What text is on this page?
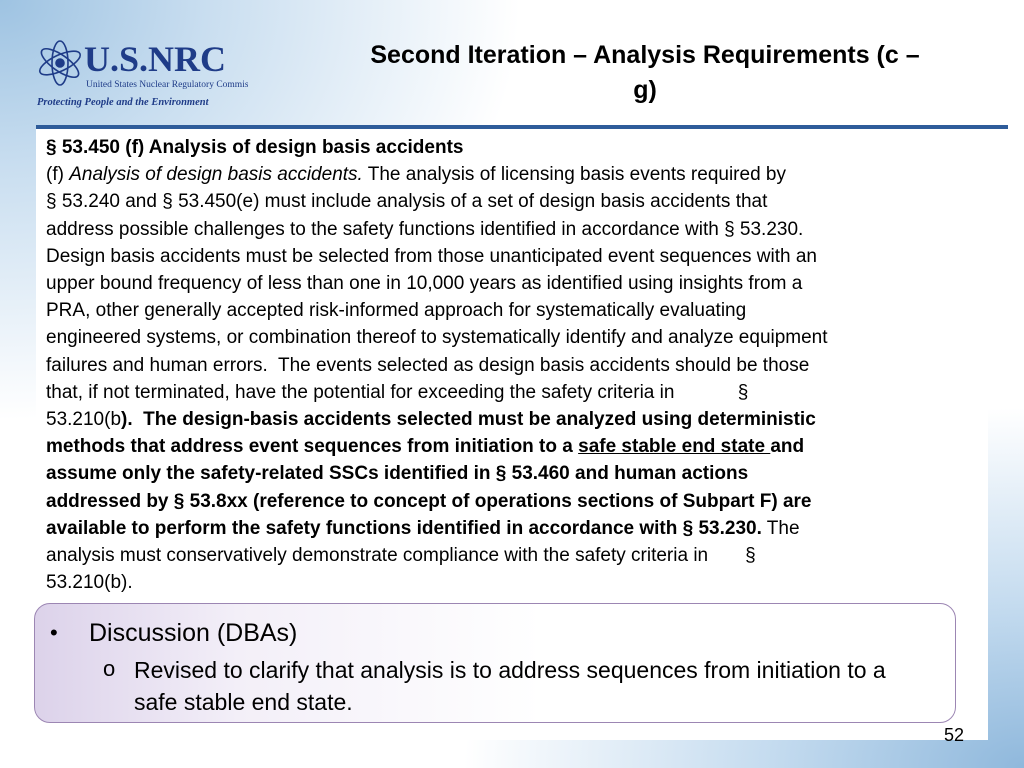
U.S.NRC
United States Nuclear Regulatory Commission
Protecting People and the Environment
Second Iteration – Analysis Requirements (c –
g)
§ 53.450 (f) Analysis of design basis accidents
(f) Analysis of design basis accidents. The analysis of licensing basis events required by
§ 53.240 and § 53.450(e) must include analysis of a set of design basis accidents that
address possible challenges to the safety functions identified in accordance with § 53.230.
Design basis accidents must be selected from those unanticipated event sequences with an
upper bound frequency of less than one in 10,000 years as identified using insights from a
PRA, other generally accepted risk-informed approach for systematically evaluating
engineered systems, or combination thereof to systematically identify and analyze equipment
failures and human errors.  The events selected as design basis accidents should be those
that, if not terminated, have the potential for exceeding the safety criteria in            §
53.210(b).  The design-basis accidents selected must be analyzed using deterministic
methods that address event sequences from initiation to a safe stable end state and
assume only the safety-related SSCs identified in § 53.460 and human actions
addressed by § 53.8xx (reference to concept of operations sections of Subpart F) are
available to perform the safety functions identified in accordance with § 53.230. The
analysis must conservatively demonstrate compliance with the safety criteria in       §
53.210(b).
• Discussion (DBAs)
o Revised to clarify that analysis is to address sequences from initiation to a safe stable end state.
52
